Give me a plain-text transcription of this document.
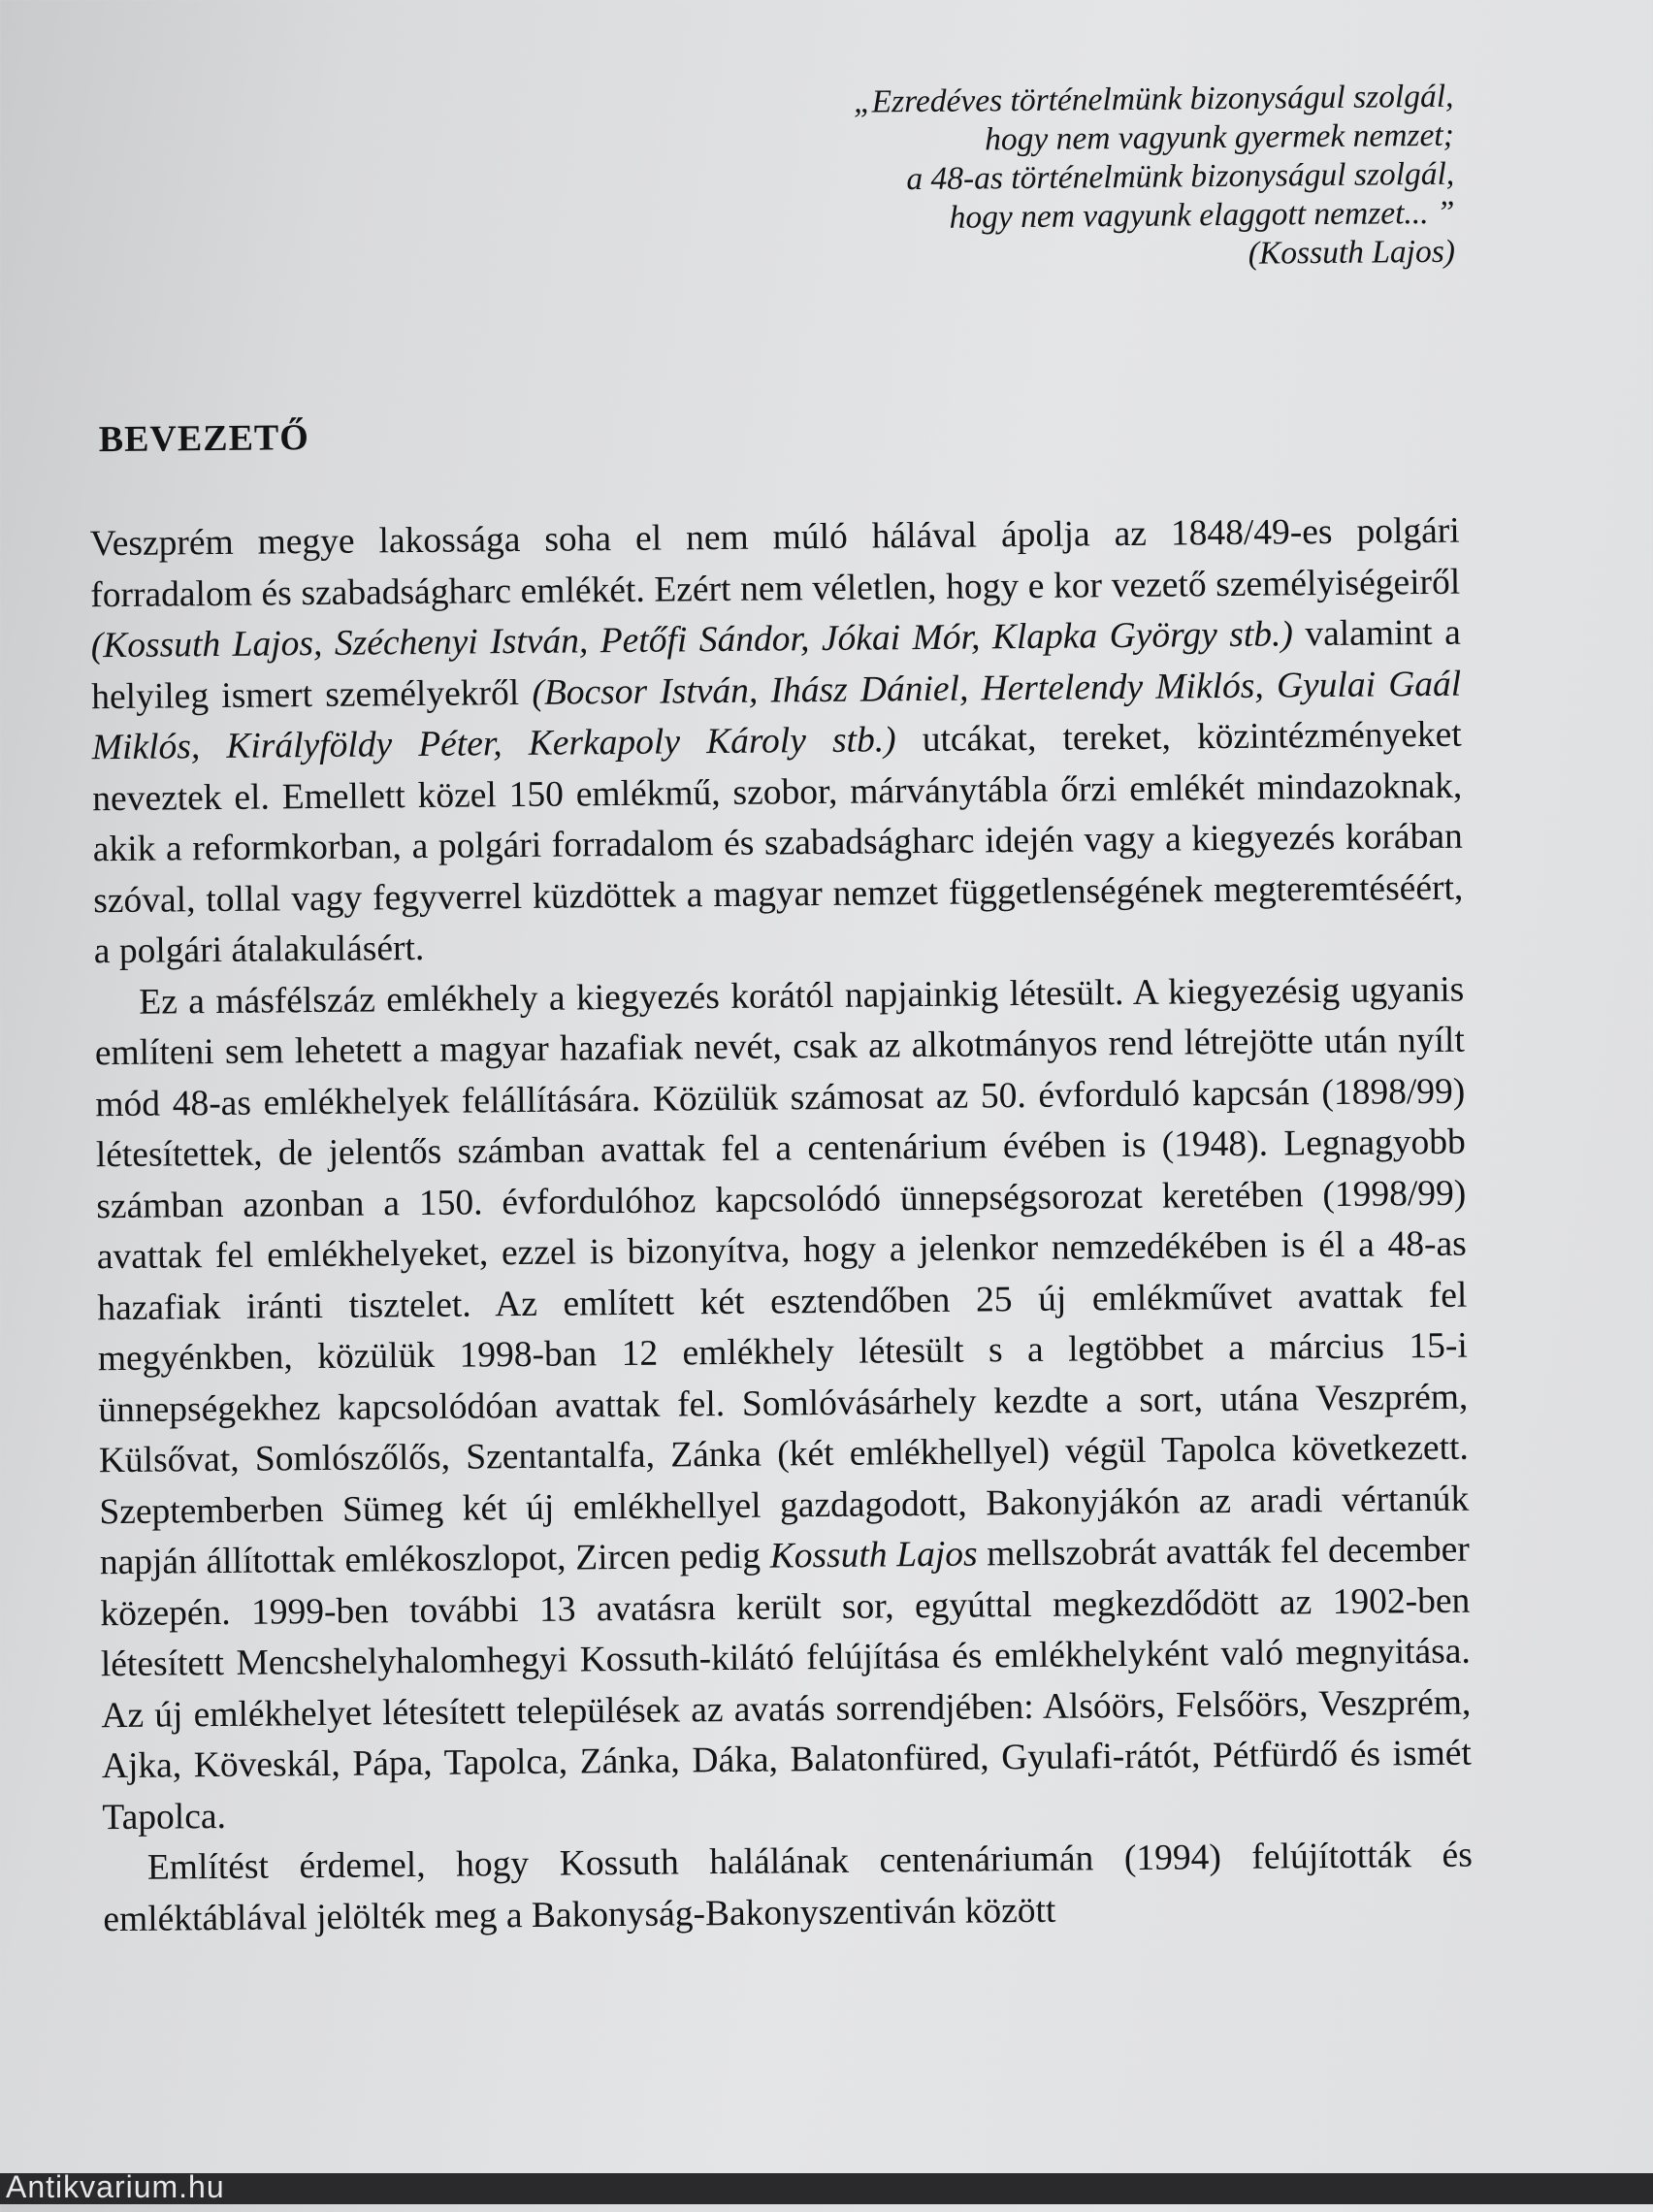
„Ezredéves történelmünk bizonyságul szolgál,
hogy nem vagyunk gyermek nemzet;
a 48-as történelmünk bizonyságul szolgál,
hogy nem vagyunk elaggott nemzet... ”
(Kossuth Lajos)
BEVEZETŐ

Veszprém megye lakossága soha el nem múló hálával ápolja az 1848/49-es polgári forradalom és szabadságharc emlékét. Ezért nem véletlen, hogy e kor vezető személyiségeiről (Kossuth Lajos, Széchenyi István, Petőfi Sándor, Jókai Mór, Klapka György stb.) valamint a helyileg ismert személyekről (Bocsor István, Ihász Dániel, Hertelendy Miklós, Gyulai Gaál Miklós, Királyföldy Péter, Kerkapoly Károly stb.) utcákat, tereket, közintézményeket neveztek el. Emellett közel 150 emlékmű, szobor, márványtábla őrzi emlékét mindazoknak, akik a reformkorban, a polgári forradalom és szabadságharc idején vagy a kiegyezés korában szóval, tollal vagy fegyverrel küzdöttek a magyar nemzet függetlenségének megteremtéséért, a polgári átalakulásért.

Ez a másfélszáz emlékhely a kiegyezés korától napjainkig létesült. A kiegyezésig ugyanis említeni sem lehetett a magyar hazafiak nevét, csak az alkotmányos rend létrejötte után nyílt mód 48-as emlékhelyek felállítására. Közülük számosat az 50. évforduló kapcsán (1898/99) létesítettek, de jelentős számban avattak fel a centenárium évében is (1948). Legnagyobb számban azonban a 150. évfordulóhoz kapcsolódó ünnepségsorozat keretében (1998/99) avattak fel emlékhelyeket, ezzel is bizonyítva, hogy a jelenkor nemzedékében is él a 48-as hazafiak iránti tisztelet. Az említett két esztendőben 25 új emlékművet avattak fel megyénkben, közülük 1998-ban 12 emlékhely létesült s a legtöbbet a március 15-i ünnepségekhez kapcsolódóan avattak fel. Somlóvásárhely kezdte a sort, utána Veszprém, Külsővat, Somlószőlős, Szentantalfa, Zánka (két emlékhellyel) végül Tapolca következett. Szeptemberben Sümeg két új emlékhellyel gazdagodott, Bakonyjákón az aradi vértanúk napján állítottak emlékoszlopot, Zircen pedig Kossuth Lajos mellszobrát avatták fel december közepén. 1999-ben további 13 avatásra került sor, egyúttal megkezdődött az 1902-ben létesített Mencshelyhalomhegyi Kossuth-kilátó felújítása és emlékhelyként való megnyitása. Az új emlékhelyet létesített települések az avatás sorrendjében: Alsóörs, Felsőörs, Veszprém, Ajka, Köveskál, Pápa, Tapolca, Zánka, Dáka, Balatonfüred, Gyulafi-rátót, Pétfürdő és ismét Tapolca.

Említést érdemel, hogy Kossuth halálának centenáriumán (1994) felújították és emléktáblával jelölték meg a Bakonyság-Bakonyszentiván között

Antikvarium.hu
